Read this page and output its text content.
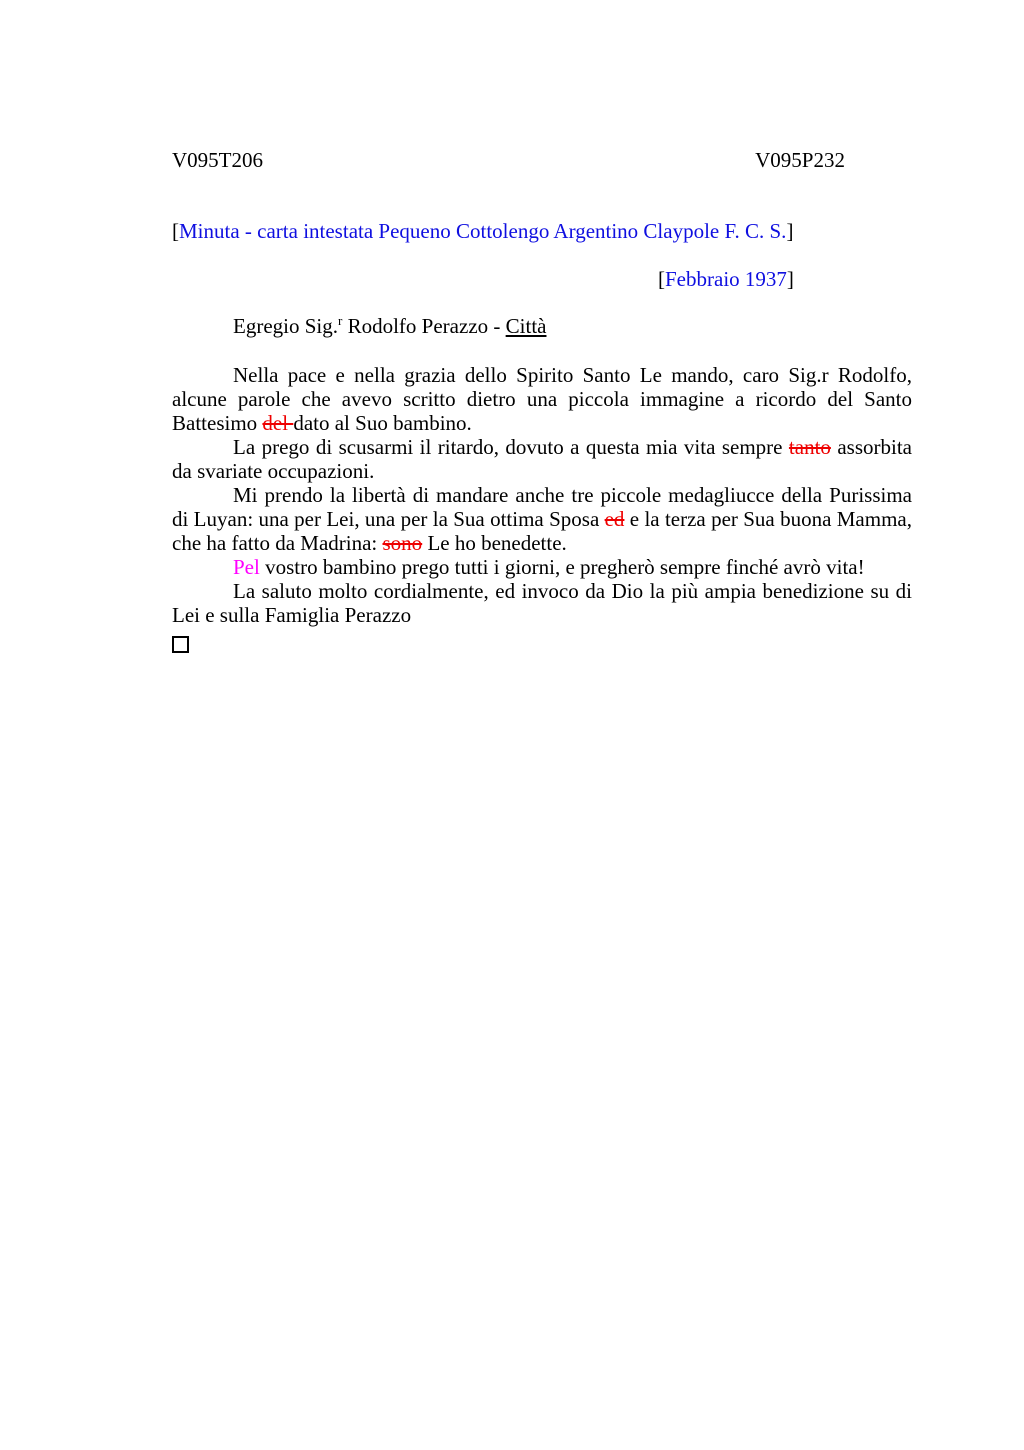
V095T206	V095P232
[Minuta - carta intestata Pequeno Cottolengo Argentino Claypole F. C. S.]
[Febbraio 1937]
Egregio Sig.$^r$ Rodolfo Perazzo - Città

Nella pace e nella grazia dello Spirito Santo Le mando, caro Sig.r Rodolfo, alcune parole che avevo scritto dietro una piccola immagine a ricordo del Santo Battesimo del dato al Suo bambino.

La prego di scusarmi il ritardo, dovuto a questa mia vita sempre tanto assorbita da svariate occupazioni.

Mi prendo la libertà di mandare anche tre piccole medagliucce della Purissima di Luyan: una per Lei, una per la Sua ottima Sposa ed e la terza per Sua buona Mamma, che ha fatto da Madrina: sono Le ho benedette.

Pel vostro bambino prego tutti i giorni, e pregherò sempre finché avrò vita!

La saluto molto cordialmente, ed invoco da Dio la più ampia benedizione su di Lei e sulla Famiglia Perazzo
